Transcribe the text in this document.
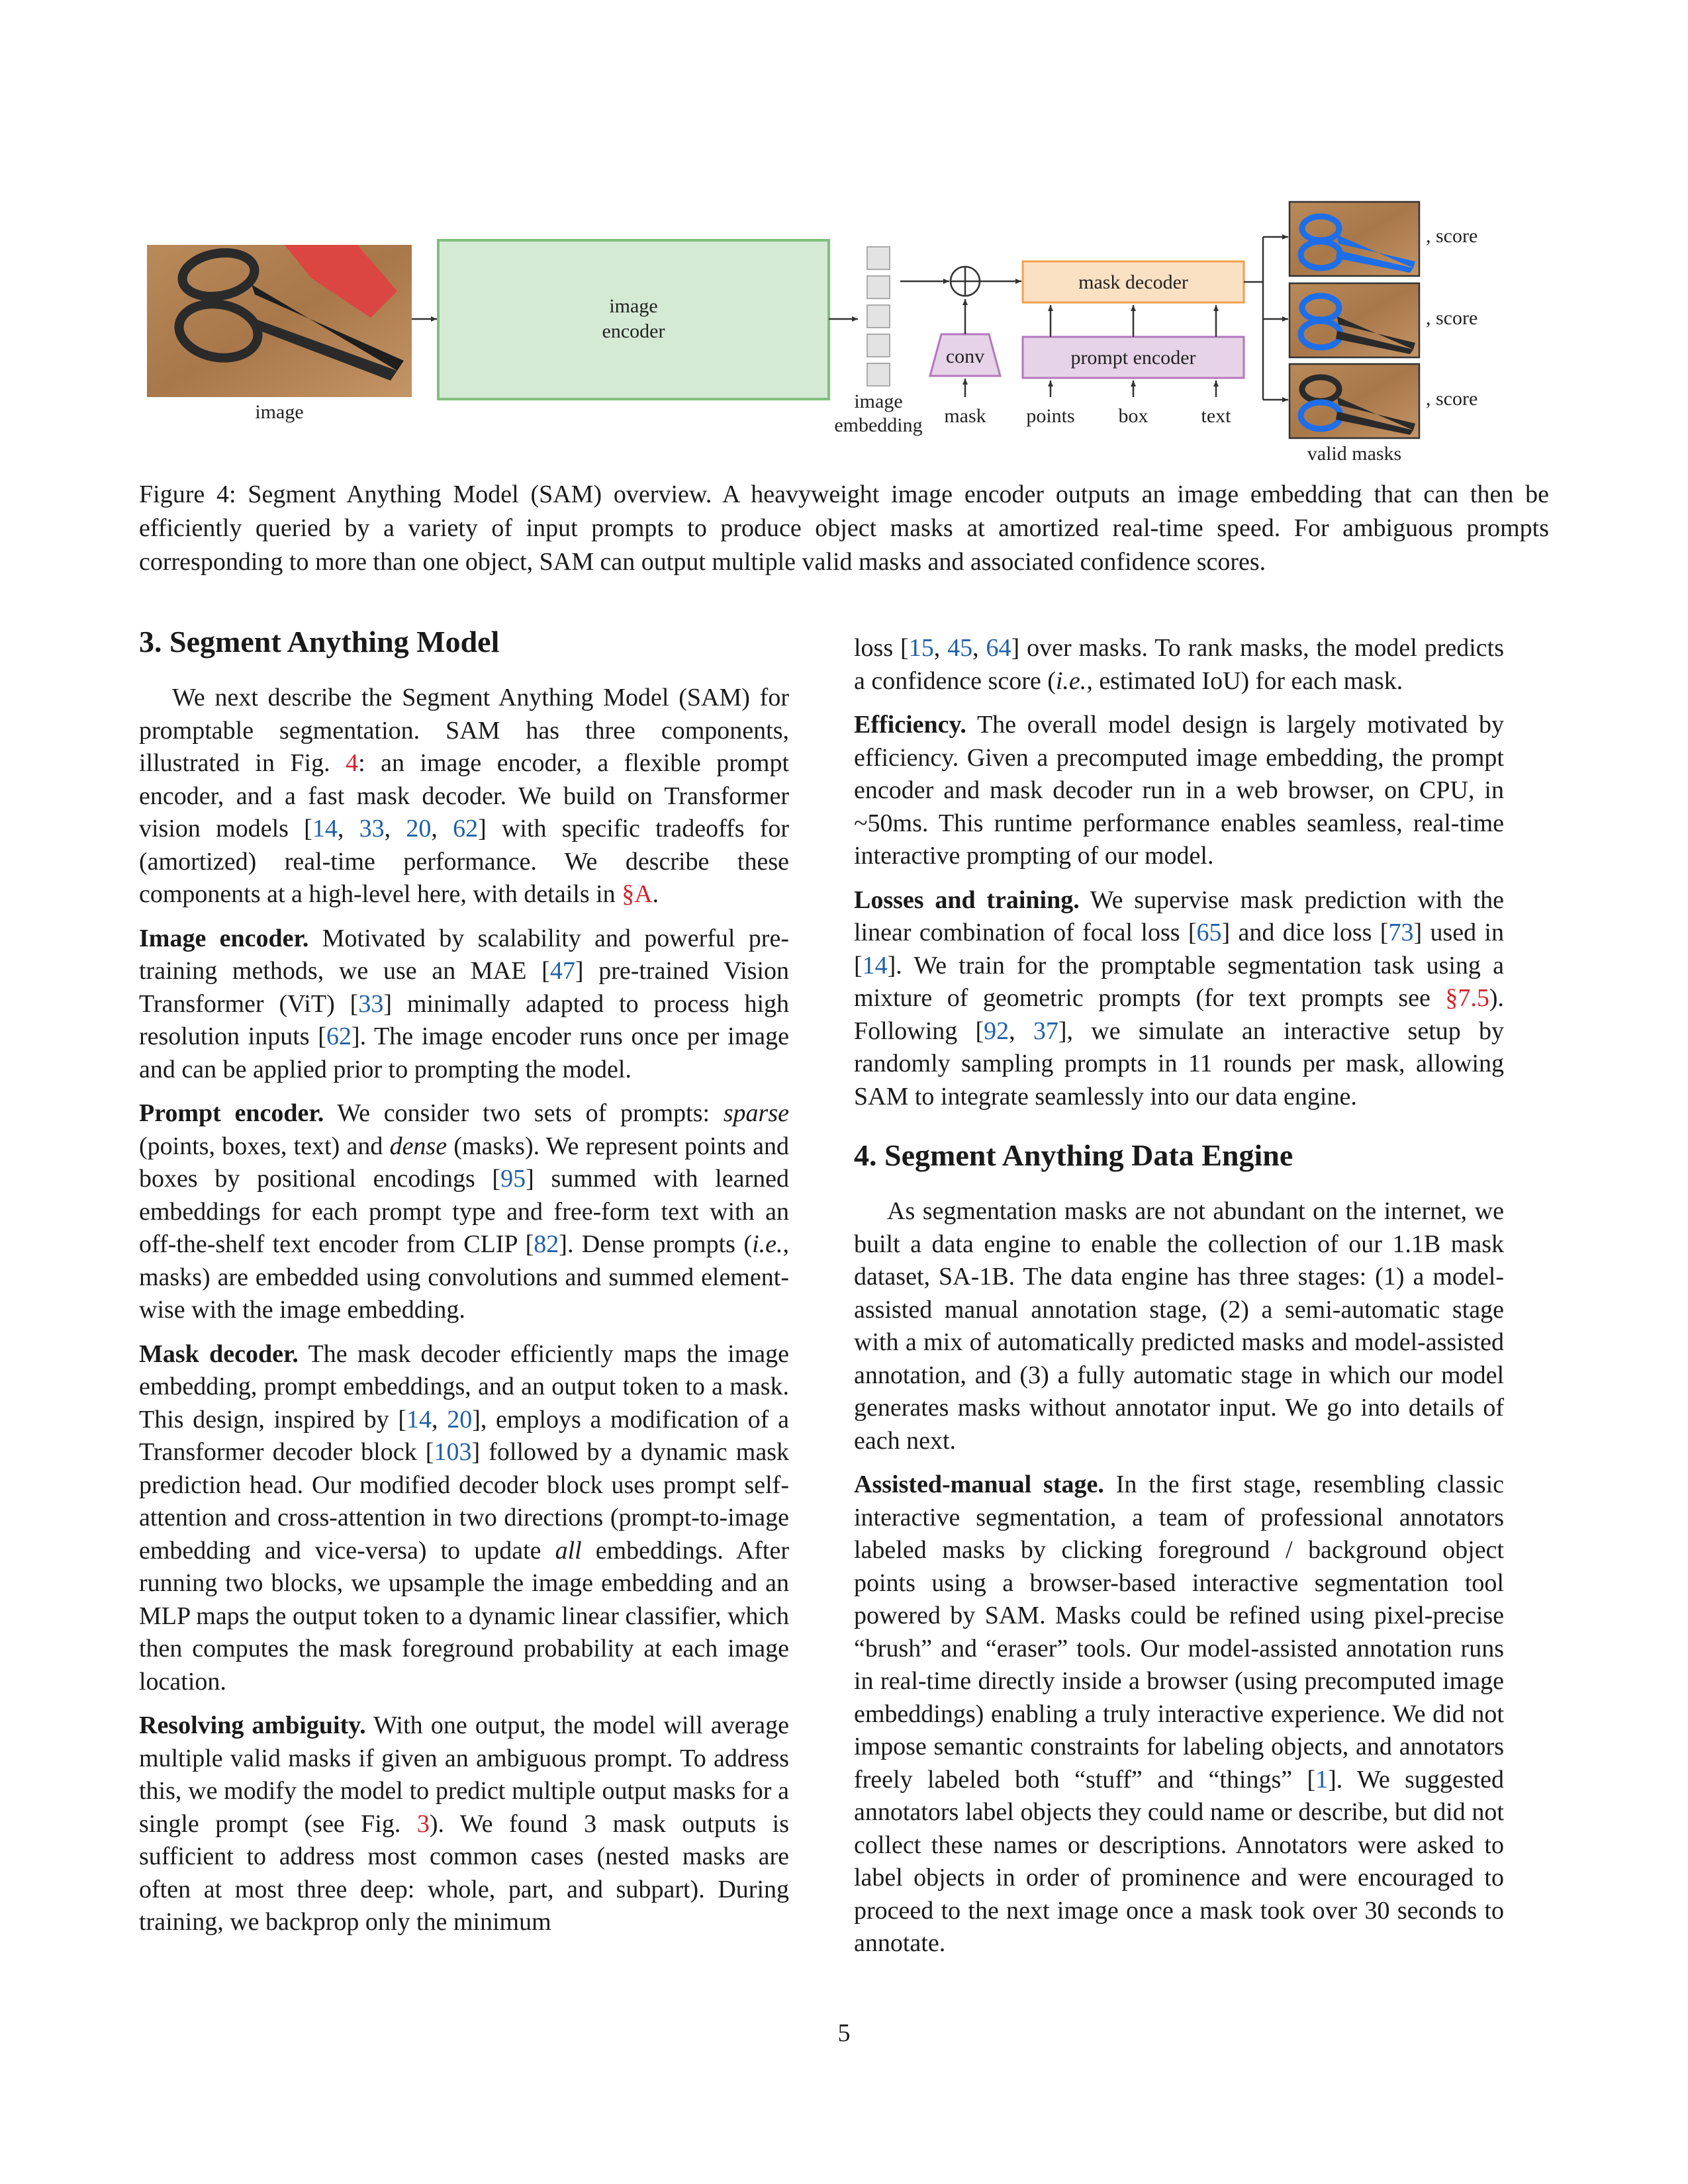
image
image
encoder
image
embedding
conv
mask decoder
prompt encoder
mask points box	text
, score
, score
, score
valid masks
Figure 4: Segment Anything Model (SAM) overview. A heavyweight image encoder outputs an image embedding that can then be efficiently queried by a variety of input prompts to produce object masks at amortized real-time speed. For ambiguous prompts corresponding to more than one object, SAM can output multiple valid masks and associated confidence scores.
3. Segment Anything Model

We next describe the Segment Anything Model (SAM) for promptable segmentation. SAM has three components, illustrated in Fig. 4: an image encoder, a flexible prompt encoder, and a fast mask decoder. We build on Transformer vision models [14, 33, 20, 62] with specific tradeoffs for (amortized) real-time performance. We describe these components at a high-level here, with details in §A.

Image encoder. Motivated by scalability and powerful pre-training methods, we use an MAE [47] pre-trained Vision Transformer (ViT) [33] minimally adapted to process high resolution inputs [62]. The image encoder runs once per image and can be applied prior to prompting the model.

Prompt encoder. We consider two sets of prompts: sparse (points, boxes, text) and dense (masks). We represent points and boxes by positional encodings [95] summed with learned embeddings for each prompt type and free-form text with an off-the-shelf text encoder from CLIP [82]. Dense prompts (i.e., masks) are embedded using convolutions and summed element-wise with the image embedding.

Mask decoder. The mask decoder efficiently maps the image embedding, prompt embeddings, and an output token to a mask. This design, inspired by [14, 20], employs a modification of a Transformer decoder block [103] followed by a dynamic mask prediction head. Our modified decoder block uses prompt self-attention and cross-attention in two directions (prompt-to-image embedding and vice-versa) to update all embeddings. After running two blocks, we upsample the image embedding and an MLP maps the output token to a dynamic linear classifier, which then computes the mask foreground probability at each image location.

Resolving ambiguity. With one output, the model will average multiple valid masks if given an ambiguous prompt. To address this, we modify the model to predict multiple output masks for a single prompt (see Fig. 3). We found 3 mask outputs is sufficient to address most common cases (nested masks are often at most three deep: whole, part, and subpart). During training, we backprop only the minimum

loss [15, 45, 64] over masks. To rank masks, the model predicts a confidence score (i.e., estimated IoU) for each mask.

Efficiency. The overall model design is largely motivated by efficiency. Given a precomputed image embedding, the prompt encoder and mask decoder run in a web browser, on CPU, in ~50ms. This runtime performance enables seamless, real-time interactive prompting of our model.

Losses and training. We supervise mask prediction with the linear combination of focal loss [65] and dice loss [73] used in [14]. We train for the promptable segmentation task using a mixture of geometric prompts (for text prompts see §7.5). Following [92, 37], we simulate an interactive setup by randomly sampling prompts in 11 rounds per mask, allowing SAM to integrate seamlessly into our data engine.

4. Segment Anything Data Engine

As segmentation masks are not abundant on the internet, we built a data engine to enable the collection of our 1.1B mask dataset, SA-1B. The data engine has three stages: (1) a model-assisted manual annotation stage, (2) a semi-automatic stage with a mix of automatically predicted masks and model-assisted annotation, and (3) a fully automatic stage in which our model generates masks without annotator input. We go into details of each next.

Assisted-manual stage. In the first stage, resembling classic interactive segmentation, a team of professional annotators labeled masks by clicking foreground / background object points using a browser-based interactive segmentation tool powered by SAM. Masks could be refined using pixel-precise “brush” and “eraser” tools. Our model-assisted annotation runs in real-time directly inside a browser (using precomputed image embeddings) enabling a truly interactive experience. We did not impose semantic constraints for labeling objects, and annotators freely labeled both “stuff” and “things” [1]. We suggested annotators label objects they could name or describe, but did not collect these names or descriptions. Annotators were asked to label objects in order of prominence and were encouraged to proceed to the next image once a mask took over 30 seconds to annotate.

5
